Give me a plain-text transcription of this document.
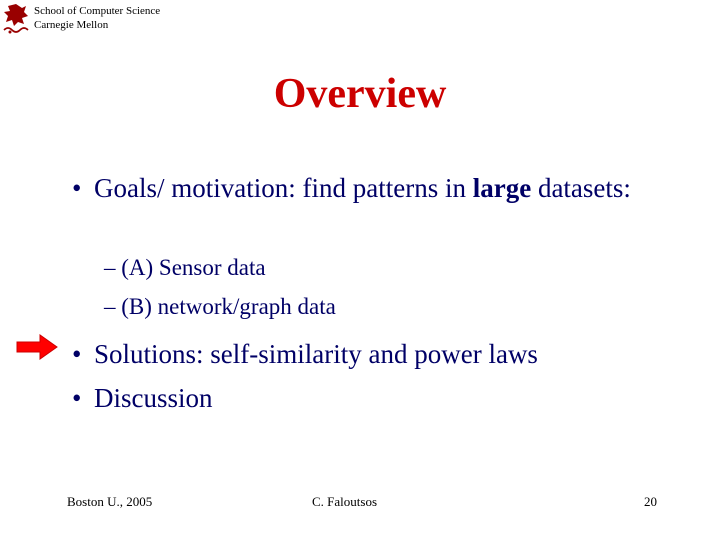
School of Computer Science
Carnegie Mellon
Overview
• Goals/ motivation: find patterns in large datasets:
– (A) Sensor data
– (B) network/graph data
• Solutions: self-similarity and power laws
• Discussion
Boston U., 2005	C. Faloutsos	20
